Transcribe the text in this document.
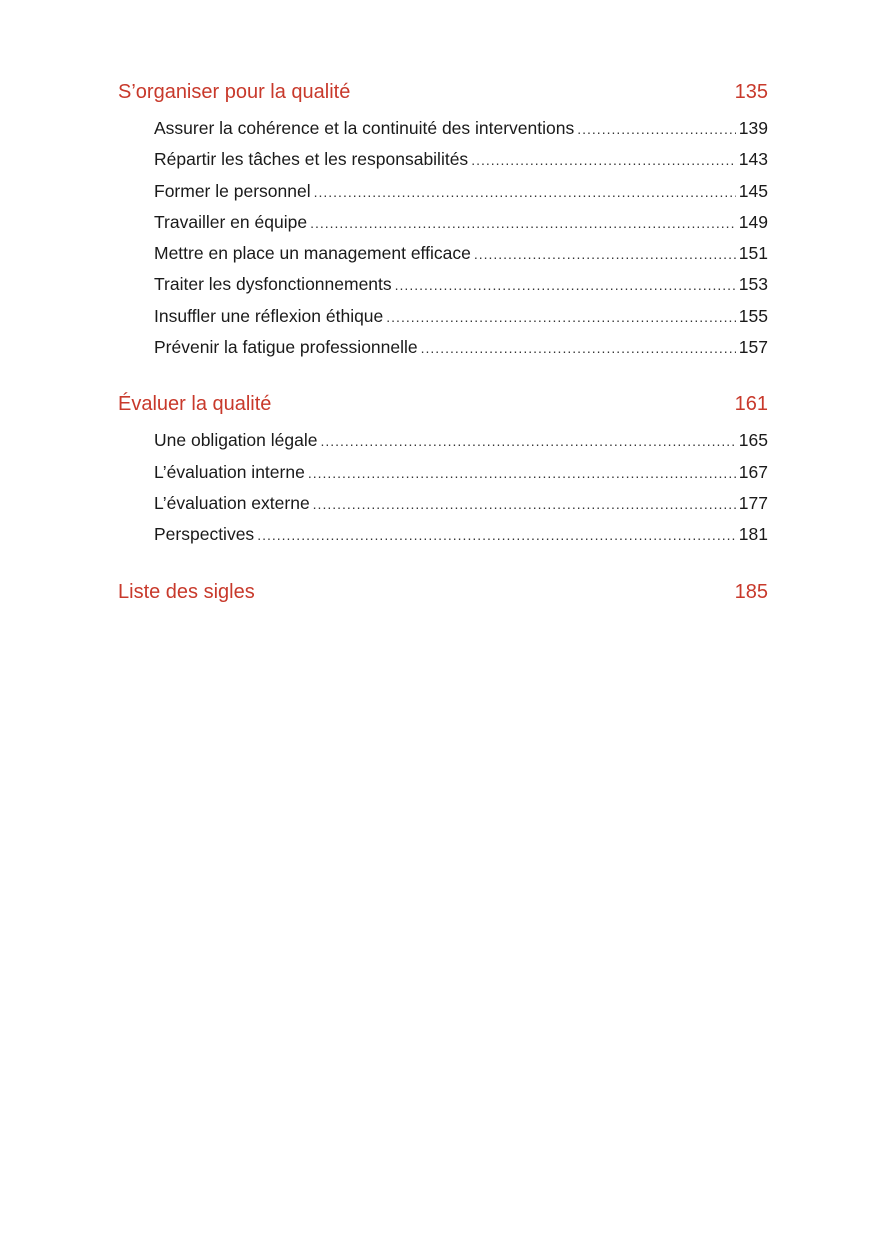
S’organiser pour la qualité	135
Assurer la cohérence et la continuité des interventions .....	139
Répartir les tâches et les responsabilités .....	143
Former le personnel .....	145
Travailler en équipe .....	149
Mettre en place un management efficace .....	151
Traiter les dysfonctionnements .....	153
Insuffler une réflexion éthique .....	155
Prévenir la fatigue professionnelle .....	157
Évaluer la qualité	161
Une obligation légale .....	165
L’évaluation interne .....	167
L’évaluation externe .....	177
Perspectives .....	181
Liste des sigles	185
